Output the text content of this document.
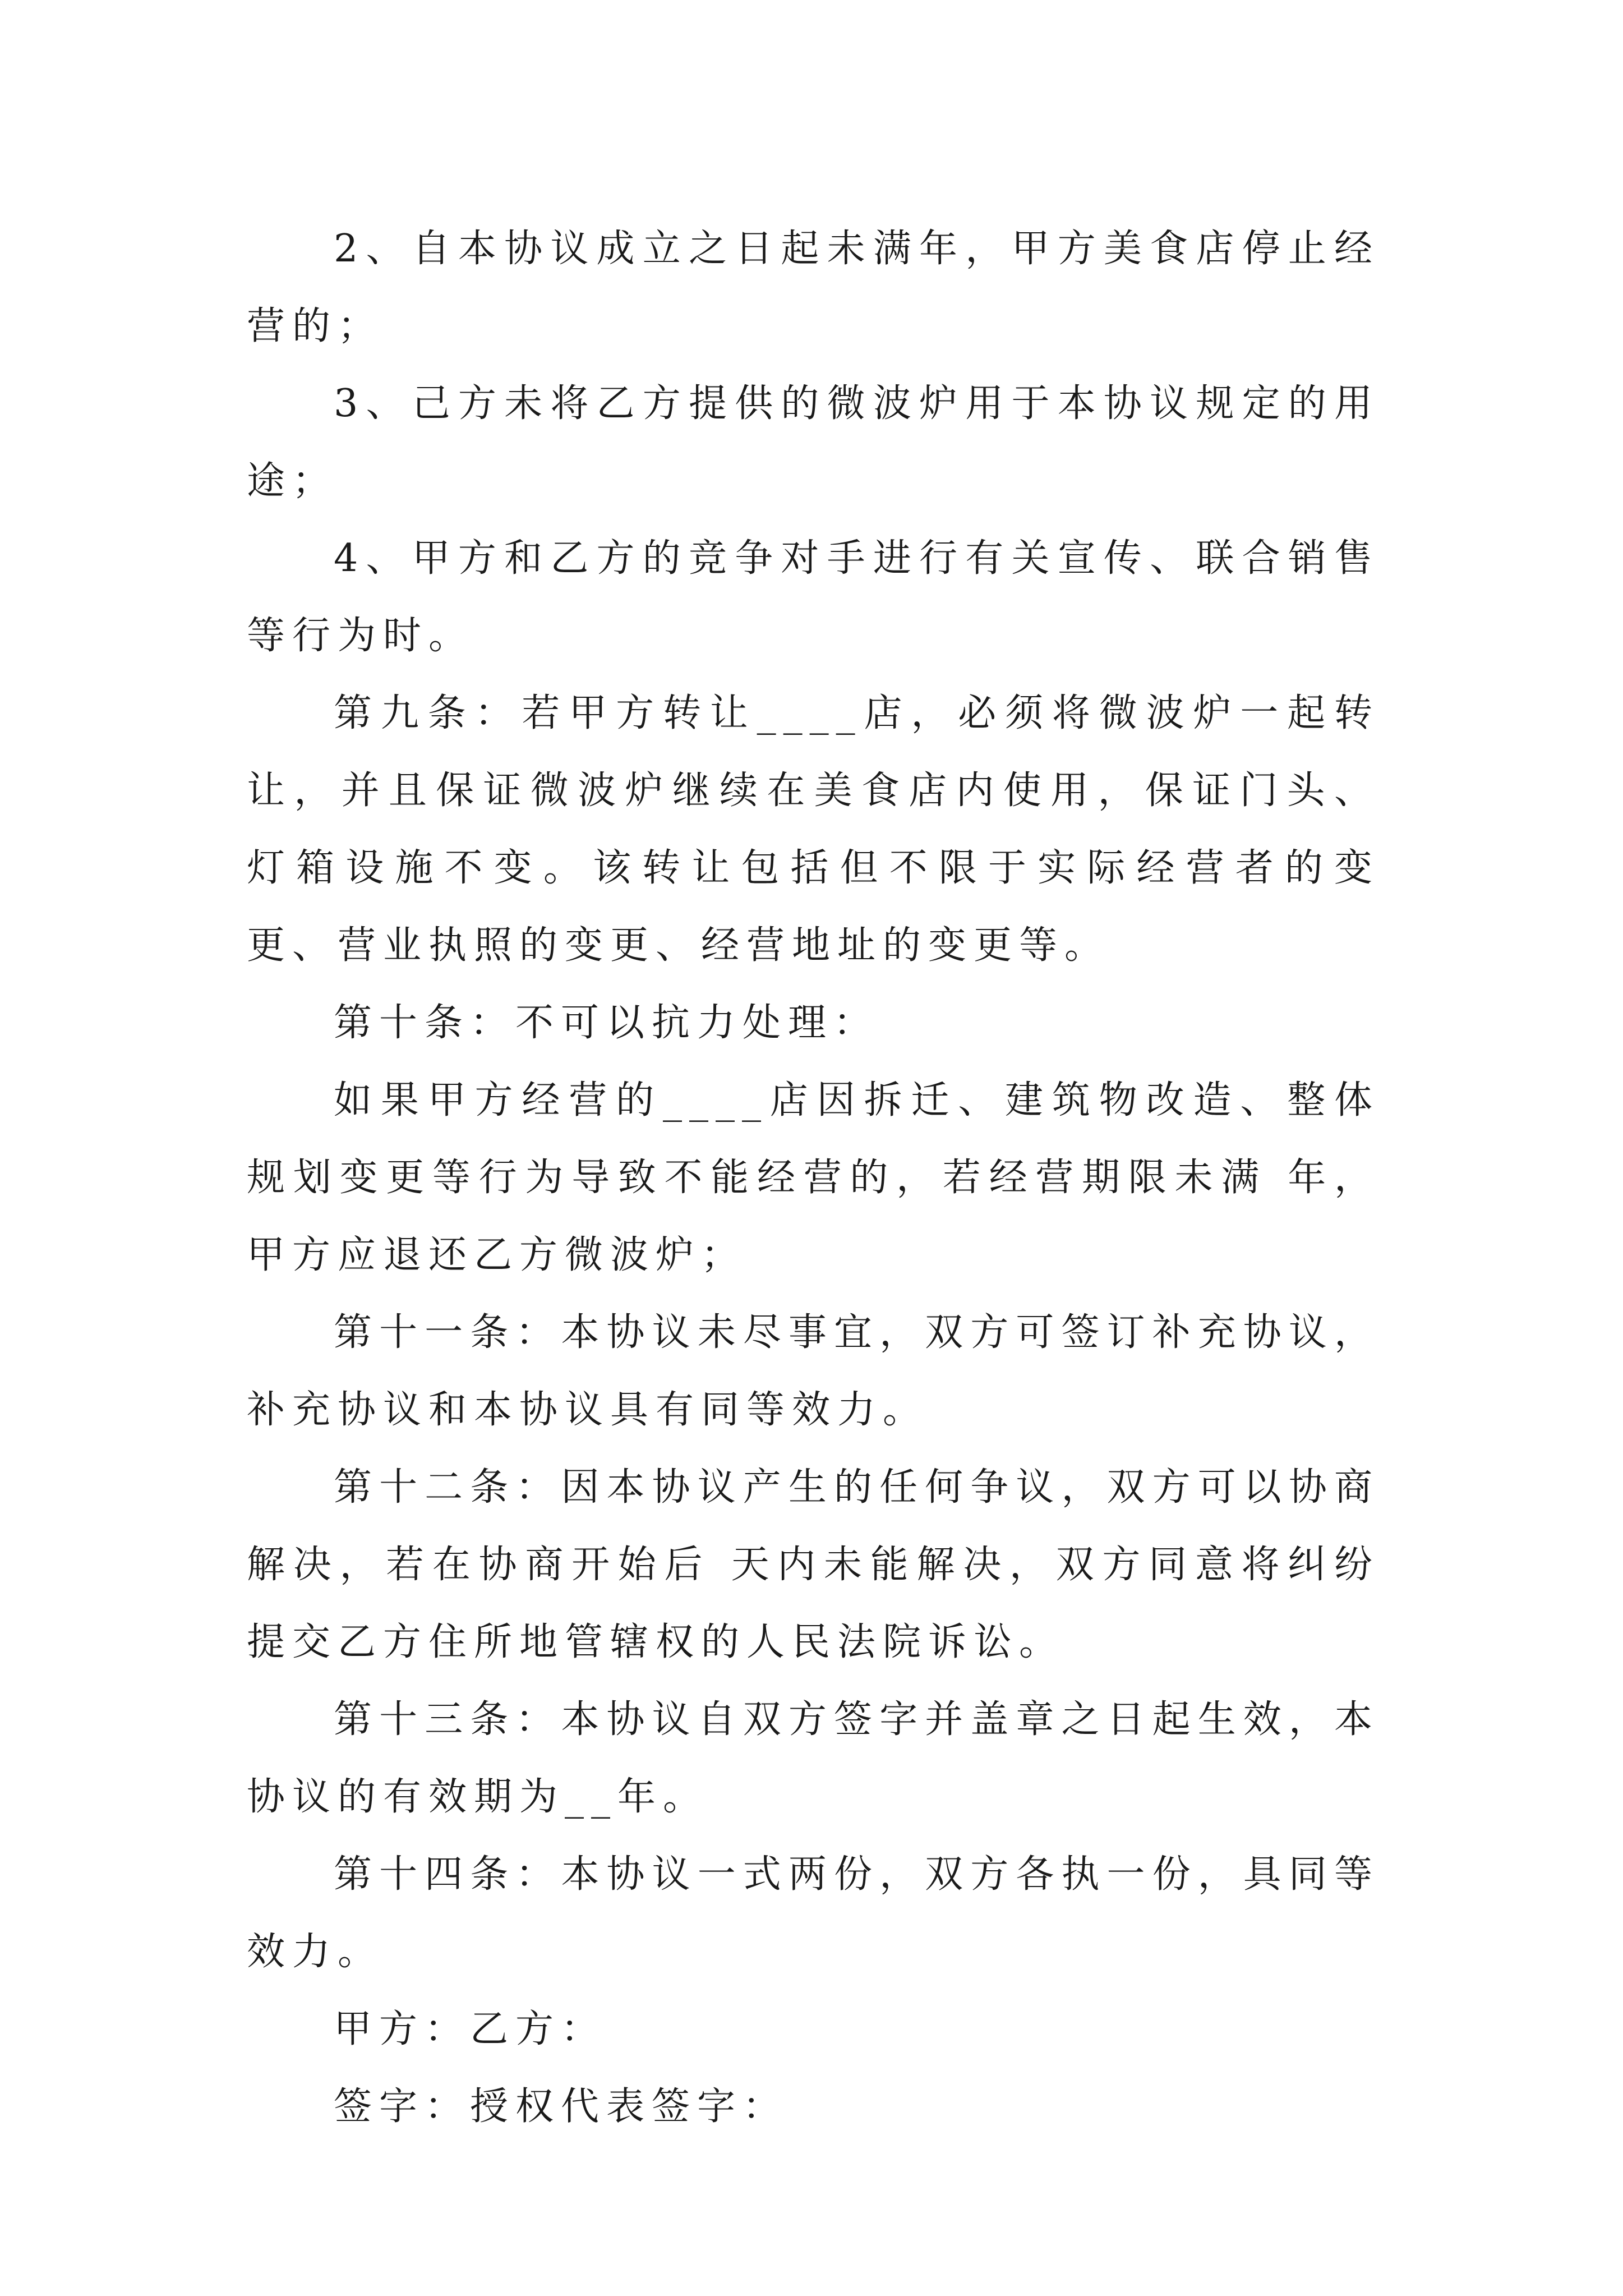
2、自本协议成立之日起未满年，甲方美食店停止经营的；

3、己方未将乙方提供的微波炉用于本协议规定的用途；

4、甲方和乙方的竞争对手进行有关宣传、联合销售等行为时。

第九条：若甲方转让____店，必须将微波炉一起转让，并且保证微波炉继续在美食店内使用，保证门头、灯箱设施不变。该转让包括但不限于实际经营者的变更、营业执照的变更、经营地址的变更等。

第十条：不可以抗力处理：

如果甲方经营的____店因拆迁、建筑物改造、整体规划变更等行为导致不能经营的，若经营期限未满 年，甲方应退还乙方微波炉；

第十一条：本协议未尽事宜，双方可签订补充协议，补充协议和本协议具有同等效力。

第十二条：因本协议产生的任何争议，双方可以协商解决，若在协商开始后 天内未能解决，双方同意将纠纷提交乙方住所地管辖权的人民法院诉讼。

第十三条：本协议自双方签字并盖章之日起生效，本协议的有效期为__年。

第十四条：本协议一式两份，双方各执一份，具同等效力。

甲方：乙方：

签字：授权代表签字：
